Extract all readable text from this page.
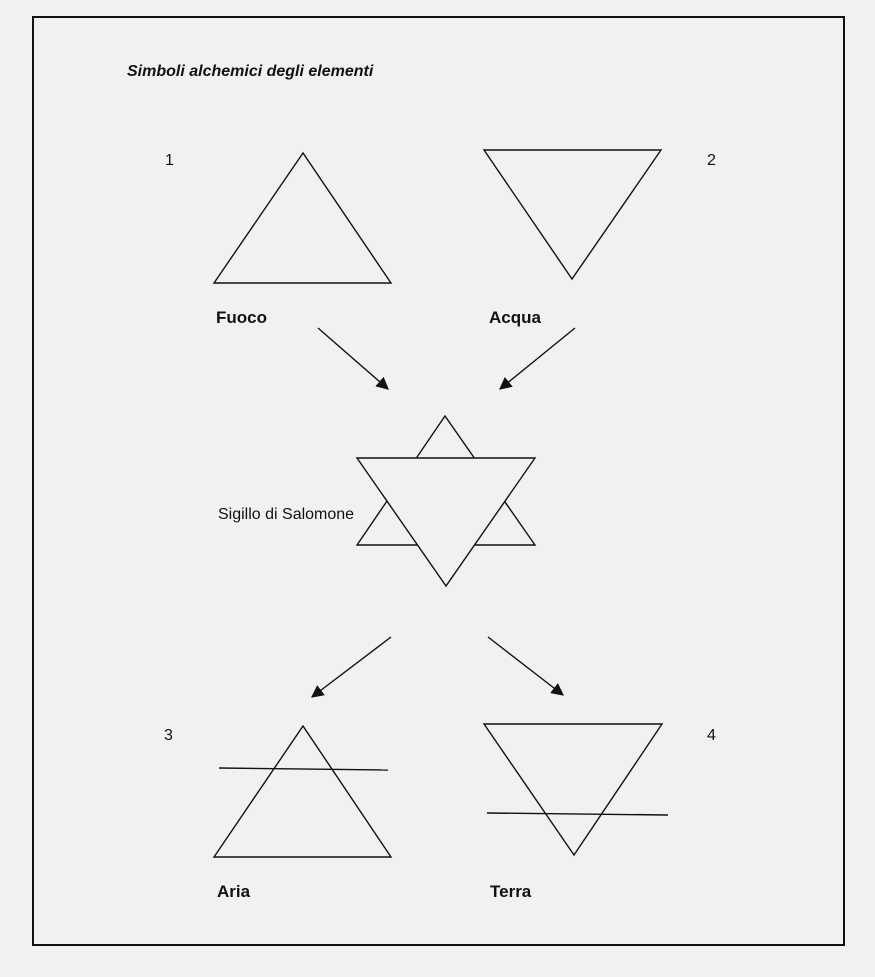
Simboli alchemici degli elementi
1	2
3	4
Fuoco	Acqua
Aria	Terra
Sigillo di Salomone
